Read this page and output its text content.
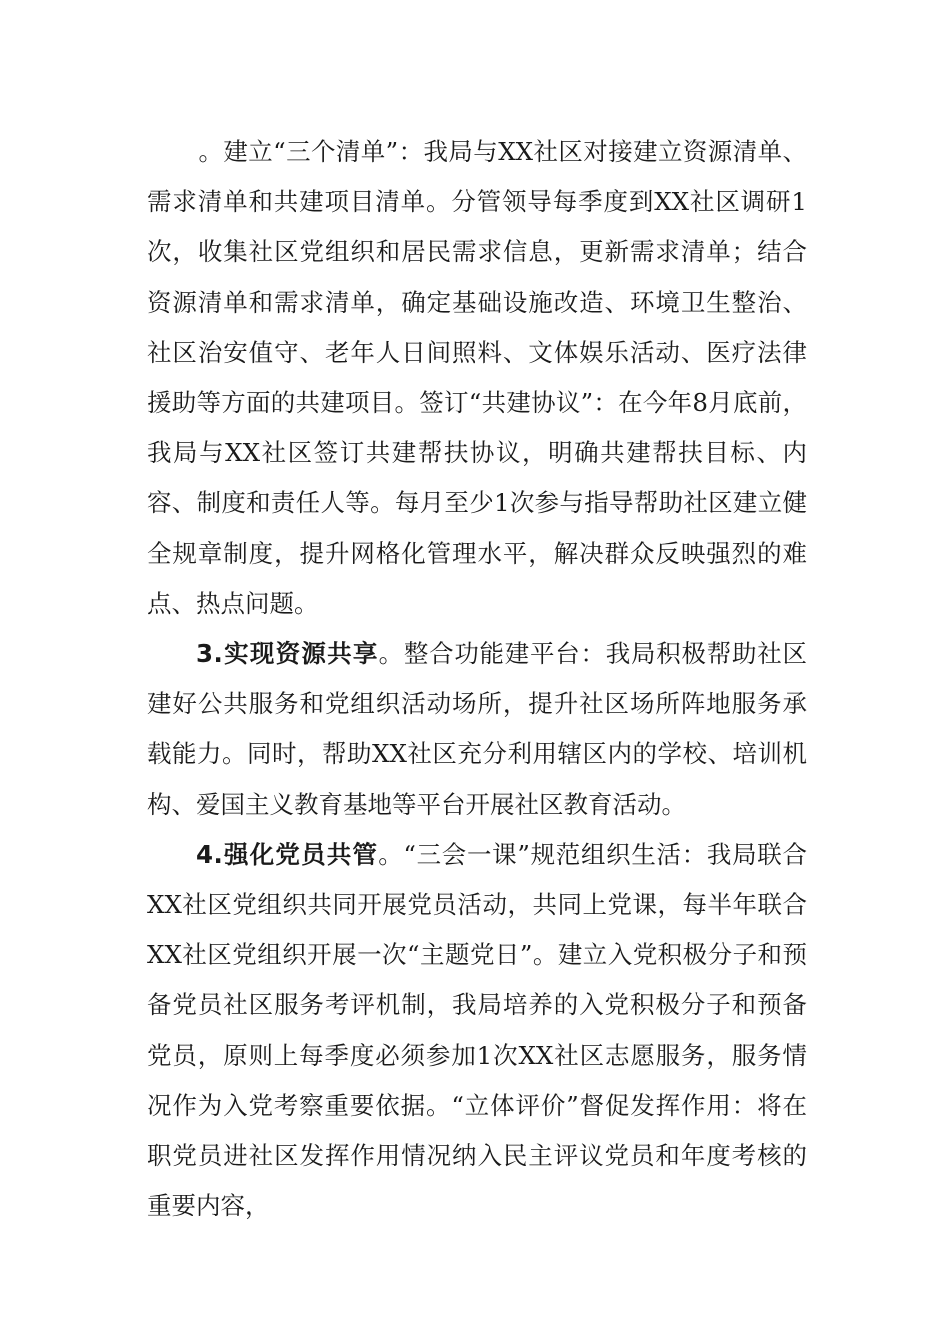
。建立“三个清单”：我局与XX社区对接建立资源清单、需求清单和共建项目清单。分管领导每季度到XX社区调研1次，收集社区党组织和居民需求信息，更新需求清单；结合资源清单和需求清单，确定基础设施改造、环境卫生整治、社区治安值守、老年人日间照料、文体娱乐活动、医疗法律援助等方面的共建项目。签订“共建协议”：在今年8月底前，我局与XX社区签订共建帮扶协议，明确共建帮扶目标、内容、制度和责任人等。每月至少1次参与指导帮助社区建立健全规章制度，提升网格化管理水平，解决群众反映强烈的难点、热点问题。

3.实现资源共享。整合功能建平台：我局积极帮助社区建好公共服务和党组织活动场所，提升社区场所阵地服务承载能力。同时，帮助XX社区充分利用辖区内的学校、培训机构、爱国主义教育基地等平台开展社区教育活动。

4.强化党员共管。“三会一课”规范组织生活：我局联合XX社区党组织共同开展党员活动，共同上党课，每半年联合XX社区党组织开展一次“主题党日”。建立入党积极分子和预备党员社区服务考评机制，我局培养的入党积极分子和预备党员，原则上每季度必须参加1次XX社区志愿服务，服务情况作为入党考察重要依据。“立体评价”督促发挥作用：将在职党员进社区发挥作用情况纳入民主评议党员和年度考核的重要内容，
